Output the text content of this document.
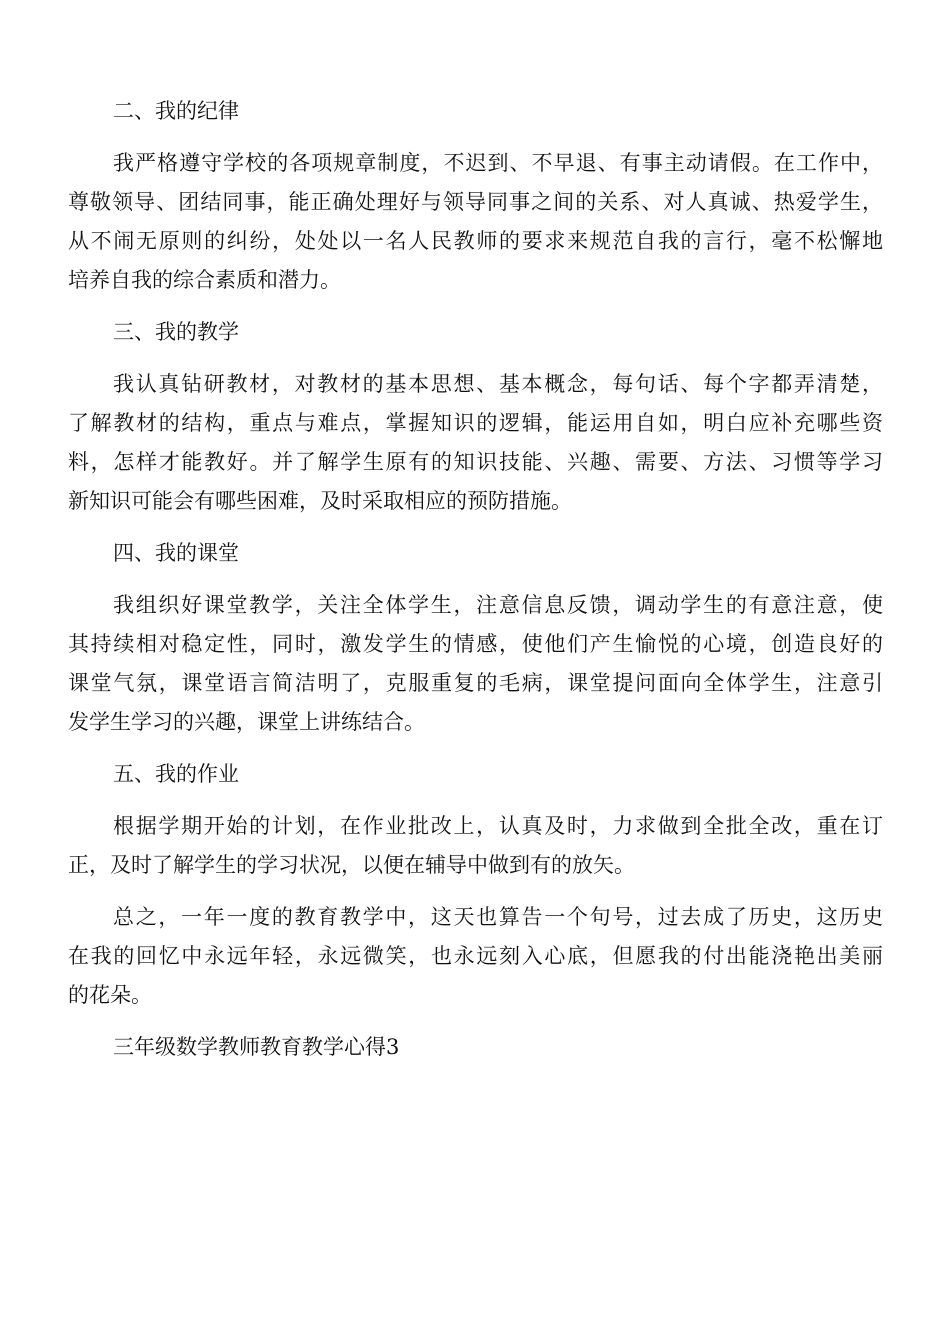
二、我的纪律

我严格遵守学校的各项规章制度，不迟到、不早退、有事主动请假。在工作中，

尊敬领导、团结同事，能正确处理好与领导同事之间的关系、对人真诚、热爱学生，

从不闹无原则的纠纷，处处以一名人民教师的要求来规范自我的言行，毫不松懈地

培养自我的综合素质和潜力。

三、我的教学

我认真钻研教材，对教材的基本思想、基本概念，每句话、每个字都弄清楚，

了解教材的结构，重点与难点，掌握知识的逻辑，能运用自如，明白应补充哪些资

料，怎样才能教好。并了解学生原有的知识技能、兴趣、需要、方法、习惯等学习

新知识可能会有哪些困难，及时采取相应的预防措施。

四、我的课堂

我组织好课堂教学，关注全体学生，注意信息反馈，调动学生的有意注意，使

其持续相对稳定性，同时，激发学生的情感，使他们产生愉悦的心境，创造良好的

课堂气氛，课堂语言简洁明了，克服重复的毛病，课堂提问面向全体学生，注意引

发学生学习的兴趣，课堂上讲练结合。

五、我的作业

根据学期开始的计划，在作业批改上，认真及时，力求做到全批全改，重在订

正，及时了解学生的学习状况，以便在辅导中做到有的放矢。

总之，一年一度的教育教学中，这天也算告一个句号，过去成了历史，这历史

在我的回忆中永远年轻，永远微笑，也永远刻入心底，但愿我的付出能浇艳出美丽

的花朵。

三年级数学教师教育教学心得3
